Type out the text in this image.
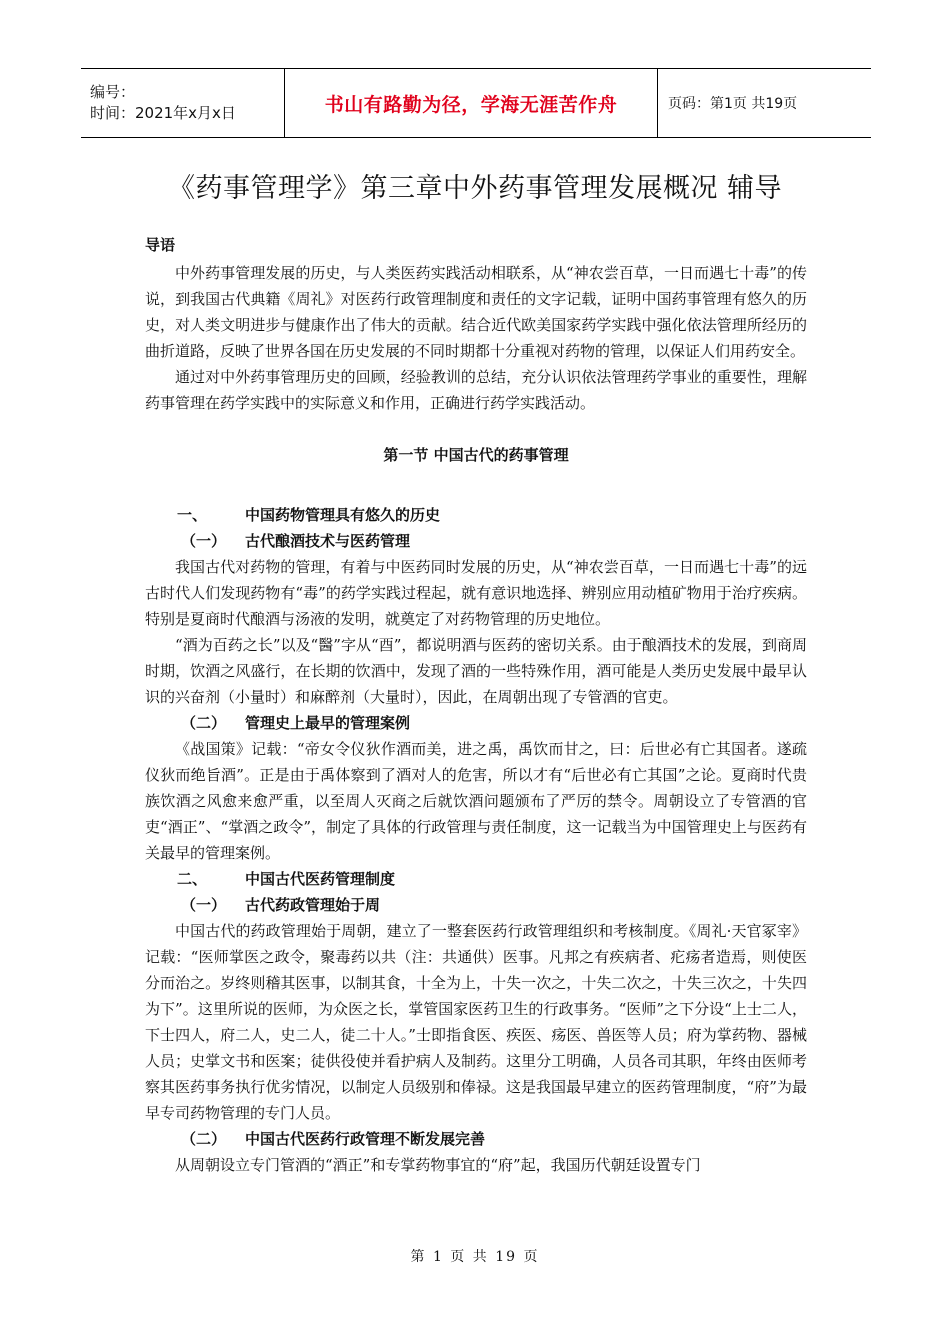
编号：
时间：2021年x月x日	书山有路勤为径，学海无涯苦作舟	页码：第1页 共19页
《药事管理学》第三章中外药事管理发展概况 辅导
导语

中外药事管理发展的历史，与人类医药实践活动相联系，从“神农尝百草，一日而遇七十毒”的传说，到我国古代典籍《周礼》对医药行政管理制度和责任的文字记载，证明中国药事管理有悠久的历史，对人类文明进步与健康作出了伟大的贡献。结合近代欧美国家药学实践中强化依法管理所经历的曲折道路，反映了世界各国在历史发展的不同时期都十分重视对药物的管理，以保证人们用药安全。

通过对中外药事管理历史的回顾，经验教训的总结，充分认识依法管理药学事业的重要性，理解药事管理在药学实践中的实际意义和作用，正确进行药学实践活动。

第一节 中国古代的药事管理
一、	中国药物管理具有悠久的历史
（一）	古代酿酒技术与医药管理

我国古代对药物的管理，有着与中医药同时发展的历史，从“神农尝百草，一日而遇七十毒”的远古时代人们发现药物有“毒”的药学实践过程起，就有意识地选择、辨别应用动植矿物用于治疗疾病。特别是夏商时代酿酒与汤液的发明，就奠定了对药物管理的历史地位。

“酒为百药之长”以及“醫”字从“酉”，都说明酒与医药的密切关系。由于酿酒技术的发展，到商周时期，饮酒之风盛行，在长期的饮酒中，发现了酒的一些特殊作用，酒可能是人类历史发展中最早认识的兴奋剂（小量时）和麻醉剂（大量时），因此，在周朝出现了专管酒的官吏。

（二）	管理史上最早的管理案例

《战国策》记载：“帝女令仪狄作酒而美，进之禹，禹饮而甘之，曰：后世必有亡其国者。遂疏仪狄而绝旨酒”。正是由于禹体察到了酒对人的危害，所以才有“后世必有亡其国”之论。夏商时代贵族饮酒之风愈来愈严重，以至周人灭商之后就饮酒问题颁布了严厉的禁令。周朝设立了专管酒的官吏“酒正”、“掌酒之政令”，制定了具体的行政管理与责任制度，这一记载当为中国管理史上与医药有关最早的管理案例。

二、	中国古代医药管理制度
（一）	古代药政管理始于周

中国古代的药政管理始于周朝，建立了一整套医药行政管理组织和考核制度。《周礼·天官冢宰》记载：“医师掌医之政令，聚毒药以共（注：共通供）医事。凡邦之有疾病者、疕疡者造焉，则使医分而治之。岁终则稽其医事，以制其食，十全为上，十失一次之，十失二次之，十失三次之，十失四为下”。这里所说的医师，为众医之长，掌管国家医药卫生的行政事务。“医师”之下分设“上士二人，下士四人，府二人，史二人，徒二十人。”士即指食医、疾医、疡医、兽医等人员；府为掌药物、器械人员；史掌文书和医案；徒供役使并看护病人及制药。这里分工明确，人员各司其职，年终由医师考察其医药事务执行优劣情况，以制定人员级别和俸禄。这是我国最早建立的医药管理制度，“府”为最早专司药物管理的专门人员。

（二）	中国古代医药行政管理不断发展完善

从周朝设立专门管酒的“酒正”和专掌药物事宜的“府”起，我国历代朝廷设置专门

第 1 页 共 19 页
